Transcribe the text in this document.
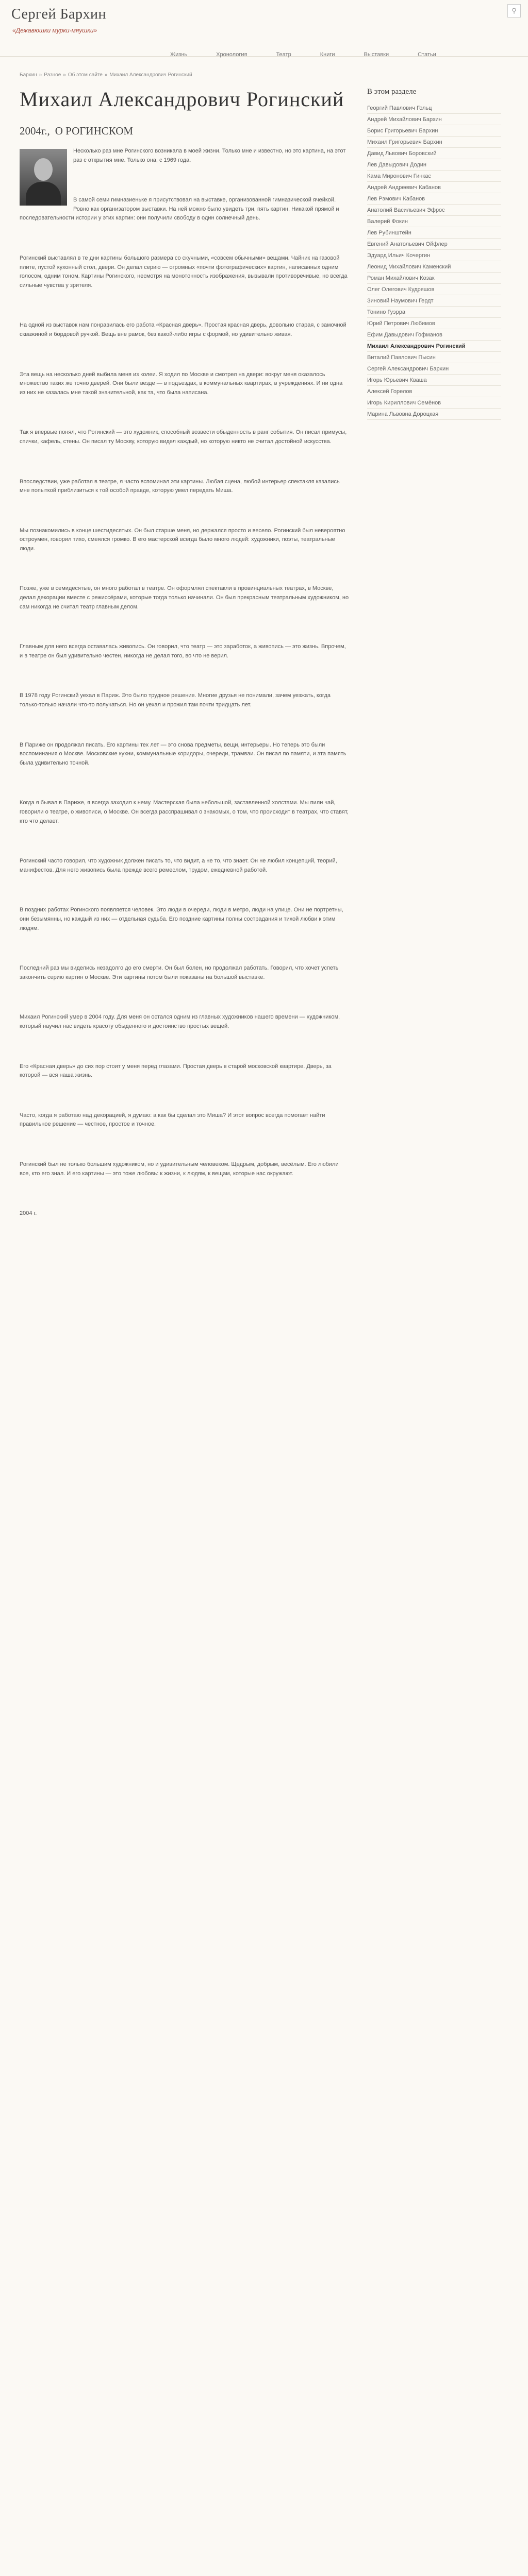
Сергей Бархин
«Дежавюшки мурки-мяушки»
⚲
Жизнь	Хронология	Театр	Книги	Выставки	Статьи
Бархин » Разное » Об этом сайте » Михаил Александрович Рогинский
Михаил Александрович Рогинский
2004г., О РОГИНСКОМ

Несколько раз мне Рогинского возникала в моей жизни. Только мне и известно, но это картина, на этот раз с открытия мне. Только она, с 1969 года.

В самой семи гимназиеньке я присутствовал на выставке, организованной гимназической ячейкой. Ровно как организатором выставки. На ней можно было увидеть три, пять картин. Никакой прямой и последовательности истории у этих картин: они получили свободу в один солнечный день.

Рогинский выставлял в те дни картины большого размера со скучными, «совсем обычными» вещами. Чайник на газовой плите, пустой кухонный стол, двери. Он делал серию — огромных «почти фотографических» картин, написанных одним голосом, одним тоном. Картины Рогинского, несмотря на монотонность изображения, вызывали противоречивые, но всегда сильные чувства у зрителя.

На одной из выставок нам понравилась его работа «Красная дверь». Простая красная дверь, довольно старая, с замочной скважиной и бордовой ручкой. Вещь вне рамок, без какой-либо игры с формой, но удивительно живая.

Эта вещь на несколько дней выбила меня из колеи. Я ходил по Москве и смотрел на двери: вокруг меня оказалось множество таких же точно дверей. Они были везде — в подъездах, в коммунальных квартирах, в учреждениях. И ни одна из них не казалась мне такой значительной, как та, что была написана.

Так я впервые понял, что Рогинский — это художник, способный возвести обыденность в ранг события. Он писал примусы, спички, кафель, стены. Он писал ту Москву, которую видел каждый, но которую никто не считал достойной искусства.

Впоследствии, уже работая в театре, я часто вспоминал эти картины. Любая сцена, любой интерьер спектакля казались мне попыткой приблизиться к той особой правде, которую умел передать Миша.

Мы познакомились в конце шестидесятых. Он был старше меня, но держался просто и весело. Рогинский был невероятно остроумен, говорил тихо, смеялся громко. В его мастерской всегда было много людей: художники, поэты, театральные люди.

Позже, уже в семидесятые, он много работал в театре. Он оформлял спектакли в провинциальных театрах, в Москве, делал декорации вместе с режиссёрами, которые тогда только начинали. Он был прекрасным театральным художником, но сам никогда не считал театр главным делом.

Главным для него всегда оставалась живопись. Он говорил, что театр — это заработок, а живопись — это жизнь. Впрочем, и в театре он был удивительно честен, никогда не делал того, во что не верил.

В 1978 году Рогинский уехал в Париж. Это было трудное решение. Многие друзья не понимали, зачем уезжать, когда только-только начали что-то получаться. Но он уехал и прожил там почти тридцать лет.

В Париже он продолжал писать. Его картины тех лет — это снова предметы, вещи, интерьеры. Но теперь это были воспоминания о Москве. Московские кухни, коммунальные коридоры, очереди, трамваи. Он писал по памяти, и эта память была удивительно точной.

Когда я бывал в Париже, я всегда заходил к нему. Мастерская была небольшой, заставленной холстами. Мы пили чай, говорили о театре, о живописи, о Москве. Он всегда расспрашивал о знакомых, о том, что происходит в театрах, что ставят, кто что делает.

Рогинский часто говорил, что художник должен писать то, что видит, а не то, что знает. Он не любил концепций, теорий, манифестов. Для него живопись была прежде всего ремеслом, трудом, ежедневной работой.

В поздних работах Рогинского появляется человек. Это люди в очереди, люди в метро, люди на улице. Они не портретны, они безымянны, но каждый из них — отдельная судьба. Его поздние картины полны сострадания и тихой любви к этим людям.

Последний раз мы виделись незадолго до его смерти. Он был болен, но продолжал работать. Говорил, что хочет успеть закончить серию картин о Москве. Эти картины потом были показаны на большой выставке.

Михаил Рогинский умер в 2004 году. Для меня он остался одним из главных художников нашего времени — художником, который научил нас видеть красоту обыденного и достоинство простых вещей.

Его «Красная дверь» до сих пор стоит у меня перед глазами. Простая дверь в старой московской квартире. Дверь, за которой — вся наша жизнь.

Часто, когда я работаю над декорацией, я думаю: а как бы сделал это Миша? И этот вопрос всегда помогает найти правильное решение — честное, простое и точное.

Рогинский был не только большим художником, но и удивительным человеком. Щедрым, добрым, весёлым. Его любили все, кто его знал. И его картины — это тоже любовь: к жизни, к людям, к вещам, которые нас окружают.

2004 г.

В этом разделе
Георгий Павлович Гольц
Андрей Михайлович Бархин
Борис Григорьевич Бархин
Михаил Григорьевич Бархин
Давид Львович Боровский
Лев Давыдович Додин
Кама Миронович Гинкас
Андрей Андреевич Кабанов
Лев Рэмович Кабанов
Анатолий Васильевич Эфрос
Валерий Фокин
Лев Рубинштейн
Евгений Анатольевич Ойфлер
Эдуард Ильич Кочергин
Леонид Михайлович Каменский
Роман Михайлович Козак
Олег Олегович Кудряшов
Зиновий Наумович Гердт
Тонино Гуэрра
Юрий Петрович Любимов
Ефим Давыдович Гофманов
Михаил Александрович Рогинский
Виталий Павлович Пысин
Сергей Александрович Бархин
Игорь Юрьевич Кваша
Алексей Горелов
Игорь Кириллович Семёнов
Марина Львовна Дороцкая
